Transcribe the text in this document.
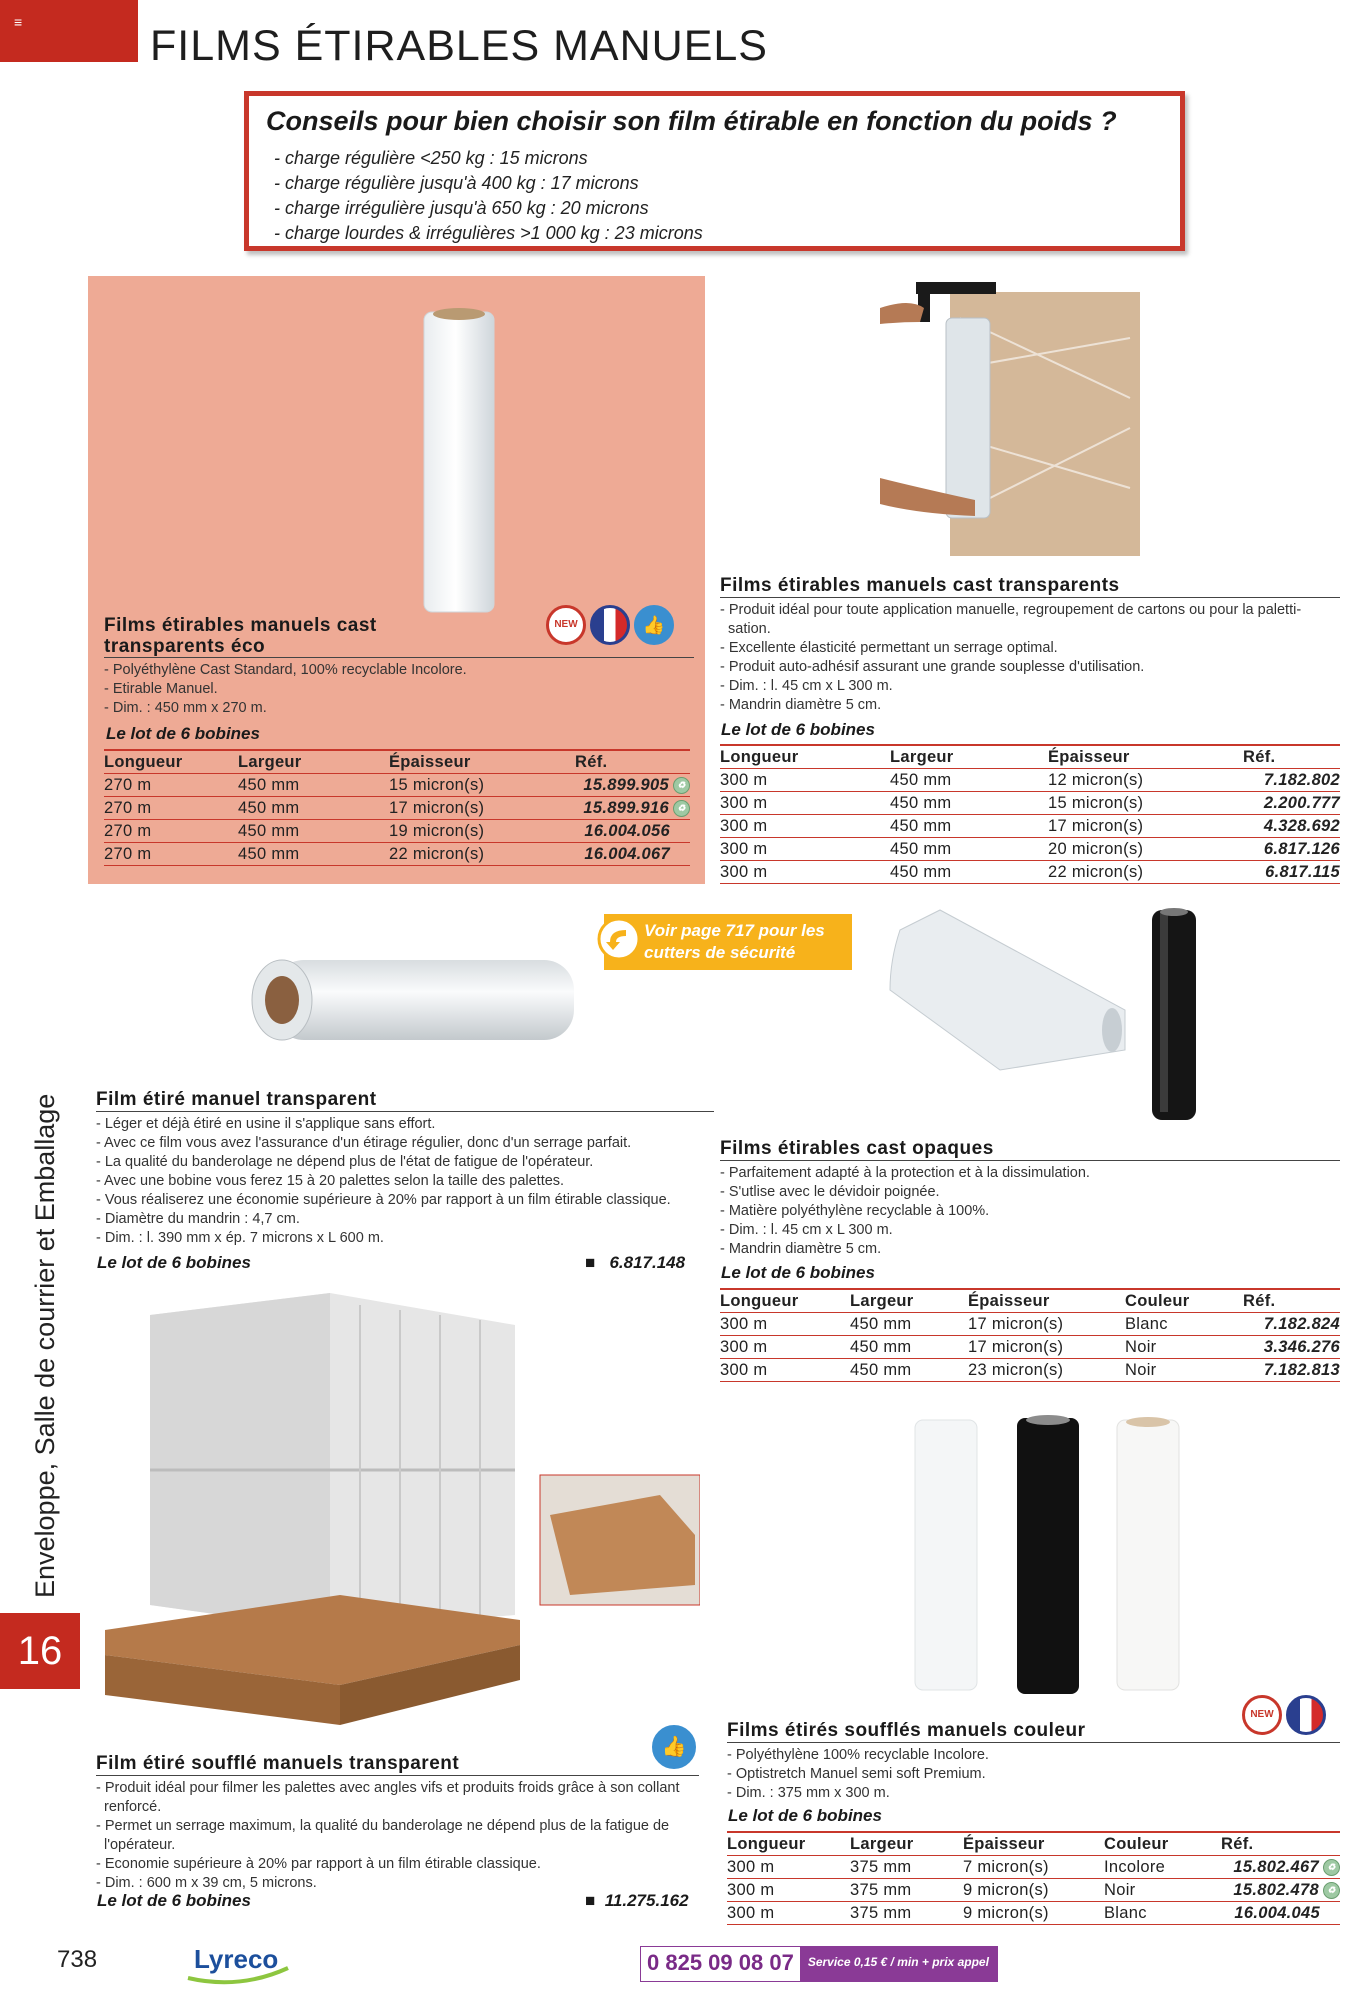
≡	FILMS ÉTIRABLES MANUELS
Conseils pour bien choisir son film étirable en fonction du poids ?
- charge régulière <250 kg : 15 microns
- charge régulière jusqu'à 400 kg : 17 microns
- charge irrégulière jusqu'à 650 kg : 20 microns
- charge lourdes & irrégulières >1 000 kg : 23 microns
NEW	👍
Films étirables manuels cast
transparents éco
- Polyéthylène Cast Standard, 100% recyclable Incolore.
- Etirable Manuel.
- Dim. : 450 mm x 270 m.
Le lot de 6 bobines
Longueur	Largeur	Épaisseur	Réf.
270 m	450 mm	15 micron(s)	15.899.905 ♻
270 m	450 mm	17 micron(s)	15.899.916 ♻
270 m	450 mm	19 micron(s)	16.004.056
270 m	450 mm	22 micron(s)	16.004.067
Films étirables manuels cast transparents
- Produit idéal pour toute application manuelle, regroupement de cartons ou pour la paletti-
sation.
- Excellente élasticité permettant un serrage optimal.
- Produit auto-adhésif assurant une grande souplesse d'utilisation.
- Dim. : l. 45 cm x L 300 m.
- Mandrin diamètre 5 cm.
Le lot de 6 bobines
Longueur	Largeur	Épaisseur	Réf.
300 m	450 mm	12 micron(s)	7.182.802
300 m	450 mm	15 micron(s)	2.200.777
300 m	450 mm	17 micron(s)	4.328.692
300 m	450 mm	20 micron(s)	6.817.126
300 m	450 mm	22 micron(s)	6.817.115
Voir page 717 pour les
cutters de sécurité
Film étiré manuel transparent
- Léger et déjà étiré en usine il s'applique sans effort.
- Avec ce film vous avez l'assurance d'un étirage régulier, donc d'un serrage parfait.
- La qualité du banderolage ne dépend plus de l'état de fatigue de l'opérateur.
- Avec une bobine vous ferez 15 à 20 palettes selon la taille des palettes.
- Vous réaliserez une économie supérieure à 20% par rapport à un film étirable classique.
- Diamètre du mandrin : 4,7 cm.
- Dim. : l. 390 mm x ép. 7 microns x L 600 m.
Le lot de 6 bobines	■ 6.817.148
Films étirables cast opaques
- Parfaitement adapté à la protection et à la dissimulation.
- S'utlise avec le dévidoir poignée.
- Matière polyéthylène recyclable à 100%.
- Dim. : l. 45 cm x L 300 m.
- Mandrin diamètre 5 cm.
Le lot de 6 bobines
Longueur	Largeur	Épaisseur	Couleur	Réf.
300 m	450 mm	17 micron(s)	Blanc	7.182.824
300 m	450 mm	17 micron(s)	Noir	3.346.276
300 m	450 mm	23 micron(s)	Noir	7.182.813
👍
Film étiré soufflé manuels transparent
- Produit idéal pour filmer les palettes avec angles vifs et produits froids grâce à son collant
renforcé.
- Permet un serrage maximum, la qualité du banderolage ne dépend plus de la fatigue de
l'opérateur.
- Economie supérieure à 20% par rapport à un film étirable classique.
- Dim. : 600 m x 39 cm, 5 microns.
Le lot de 6 bobines	■ 11.275.162
NEW
Films étirés soufflés manuels couleur
- Polyéthylène 100% recyclable Incolore.
- Optistretch Manuel semi soft Premium.
- Dim. : 375 mm x 300 m.
Le lot de 6 bobines
Longueur	Largeur	Épaisseur	Couleur	Réf.
300 m	375 mm	7 micron(s)	Incolore	15.802.467 ♻
300 m	375 mm	9 micron(s)	Noir	15.802.478 ♻
300 m	375 mm	9 micron(s)	Blanc	16.004.045
Enveloppe, Salle de courrier et Emballage
16
738	Lyreco	0 825 09 08 07	Service 0,15 € / min + prix appel
